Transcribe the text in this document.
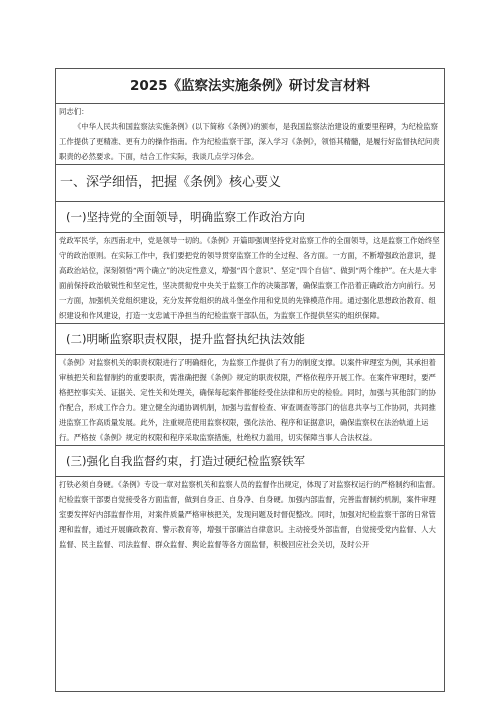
2025《监察法实施条例》研讨发言材料

同志们：

《中华人民共和国监察法实施条例》(以下简称《条例》)的颁布，是我国监察法治建设的重要里程碑，为纪检监察工作提供了更精准、更有力的操作指南。作为纪检监察干部，深入学习《条例》，领悟其精髓，是履行好监督执纪问责职责的必然要求。下面，结合工作实际，我谈几点学习体会。

一、深学细悟，把握《条例》核心要义
(一)坚持党的全面领导，明确监察工作政治方向

党政军民学，东西南北中，党是领导一切的。《条例》开篇即强调坚持党对监察工作的全面领导，这是监察工作始终坚守的政治原则。在实际工作中，我们要把党的领导贯穿监察工作的全过程、各方面。一方面，不断增强政治意识，提高政治站位，深刻领悟“两个确立”的决定性意义，增强“四个意识”、坚定“四个自信”、做到“两个维护”。在大是大非面前保持政治敏锐性和坚定性，坚决贯彻党中央关于监察工作的决策部署，确保监察工作沿着正确政治方向前行。另一方面，加强机关党组织建设，充分发挥党组织的战斗堡垒作用和党员的先锋模范作用。通过强化思想政治教育、组织建设和作风建设，打造一支忠诚干净担当的纪检监察干部队伍，为监察工作提供坚实的组织保障。

(二)明晰监察职责权限，提升监督执纪执法效能

《条例》对监察机关的职责权限进行了明确细化，为监察工作提供了有力的制度支撑。以案件审理室为例，其承担着审核把关和监督制约的重要职责，需准确把握《条例》规定的职责权限，严格依程序开展工作。在案件审理时，要严格把控事实关、证据关、定性关和处理关，确保每起案件都能经受住法律和历史的检验。同时，加强与其他部门的协作配合，形成工作合力。建立健全沟通协调机制，加强与监督检查、审查调查等部门的信息共享与工作协同，共同推进监察工作高质量发展。此外，注重规范使用监察权限，强化法治、程序和证据意识，确保监察权在法治轨道上运行。严格按《条例》规定的权限和程序采取监察措施，杜绝权力滥用，切实保障当事人合法权益。

(三)强化自我监督约束，打造过硬纪检监察铁军

打铁必须自身硬。《条例》专设一章对监察机关和监察人员的监督作出规定，体现了对监察权运行的严格制约和监督。纪检监察干部要自觉接受各方面监督，做到自身正、自身净、自身硬。加强内部监督，完善监督制约机制，案件审理室要发挥好内部监督作用，对案件质量严格审核把关，发现问题及时督促整改。同时，加强对纪检监察干部的日常管理和监督，通过开展廉政教育、警示教育等，增强干部廉洁自律意识。主动接受外部监督，自觉接受党内监督、人大监督、民主监督、司法监督、群众监督、舆论监督等各方面监督，积极回应社会关切，及时公开
